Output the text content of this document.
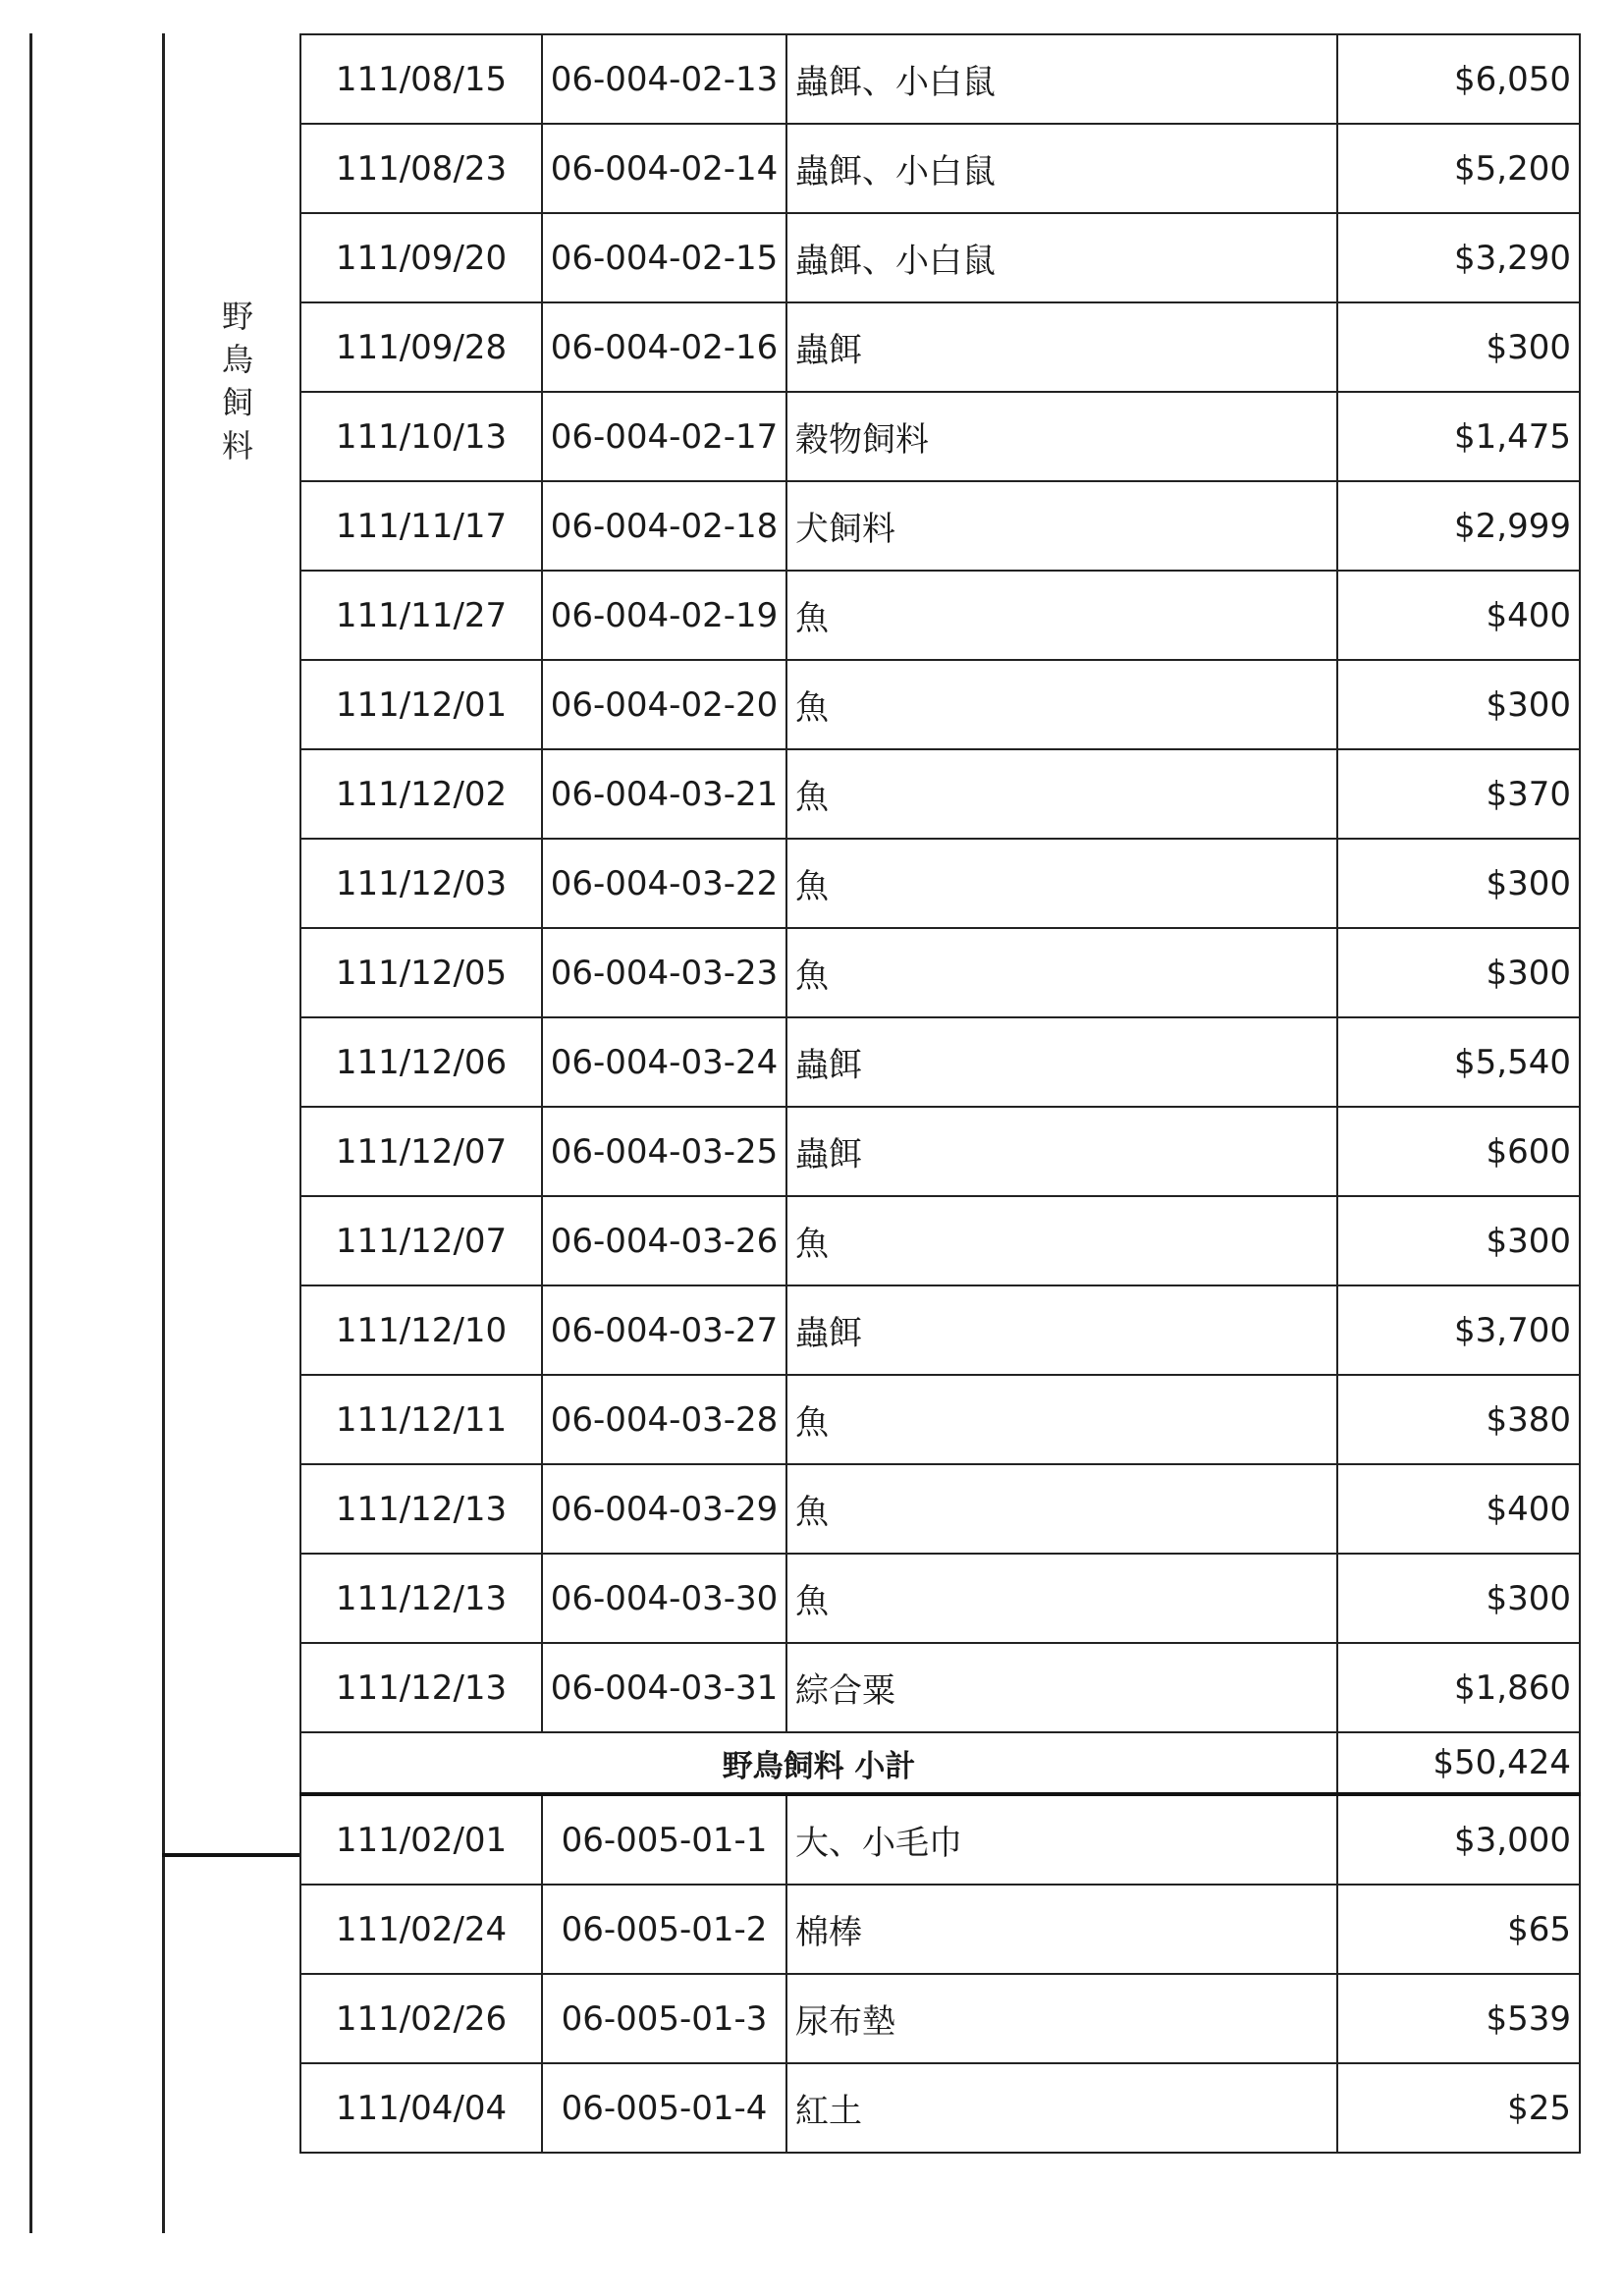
野
鳥
飼
料
111/08/15	06-004-02-13	蟲餌、小白鼠	$6,050
111/08/23	06-004-02-14	蟲餌、小白鼠	$5,200
111/09/20	06-004-02-15	蟲餌、小白鼠	$3,290
111/09/28	06-004-02-16	蟲餌	$300
111/10/13	06-004-02-17	穀物飼料	$1,475
111/11/17	06-004-02-18	犬飼料	$2,999
111/11/27	06-004-02-19	魚	$400
111/12/01	06-004-02-20	魚	$300
111/12/02	06-004-03-21	魚	$370
111/12/03	06-004-03-22	魚	$300
111/12/05	06-004-03-23	魚	$300
111/12/06	06-004-03-24	蟲餌	$5,540
111/12/07	06-004-03-25	蟲餌	$600
111/12/07	06-004-03-26	魚	$300
111/12/10	06-004-03-27	蟲餌	$3,700
111/12/11	06-004-03-28	魚	$380
111/12/13	06-004-03-29	魚	$400
111/12/13	06-004-03-30	魚	$300
111/12/13	06-004-03-31	綜合粟	$1,860
野鳥飼料 小計			$50,424
111/02/01	06-005-01-1	大、小毛巾	$3,000
111/02/24	06-005-01-2	棉棒	$65
111/02/26	06-005-01-3	尿布墊	$539
111/04/04	06-005-01-4	紅土	$25
